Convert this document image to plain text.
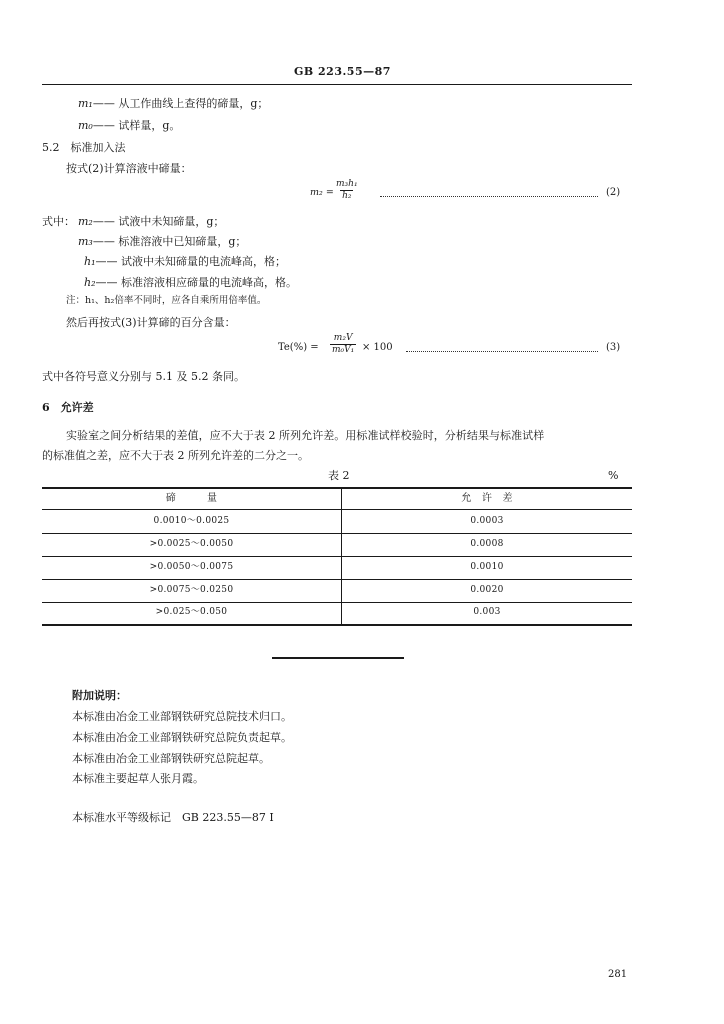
GB 223.55—87
m₁—— 从工作曲线上查得的碲量，g；
m₀—— 试样量，g。
5.2　标准加入法
按式(2)计算溶液中碲量：
$m_2 = \frac{\text{m₃h₁}}{\text{h₂}}$	(2)
式中： m₂—— 试液中未知碲量，g；
m₃—— 标准溶液中已知碲量，g；
h₁—— 试液中未知碲量的电流峰高，格；
h₂—— 标准溶液相应碲量的电流峰高，格。
注：h₁、h₂倍率不同时，应各自乘所用倍率值。
然后再按式(3)计算碲的百分含量：
$Te(\%) = \frac{\text{m₂V}}{\text{m₀V₁}} \times 100$	(3)
式中各符号意义分别与 5.1 及 5.2 条同。
6　允许差
实验室之间分析结果的差值，应不大于表 2 所列允许差。用标准试样校验时，分析结果与标准试样
的标准值之差，应不大于表 2 所列允许差的二分之一。
表 2	%
碲　　　量	允　许　差
0.0010～0.0025	0.0003
>0.0025～0.0050	0.0008
>0.0050～0.0075	0.0010
>0.0075～0.0250	0.0020
>0.025～0.050	0.003
附加说明：
本标准由冶金工业部钢铁研究总院技术归口。
本标准由冶金工业部钢铁研究总院负责起草。
本标准由冶金工业部钢铁研究总院起草。
本标准主要起草人张月霞。
本标准水平等级标记　GB 223.55—87 Ⅰ
281
